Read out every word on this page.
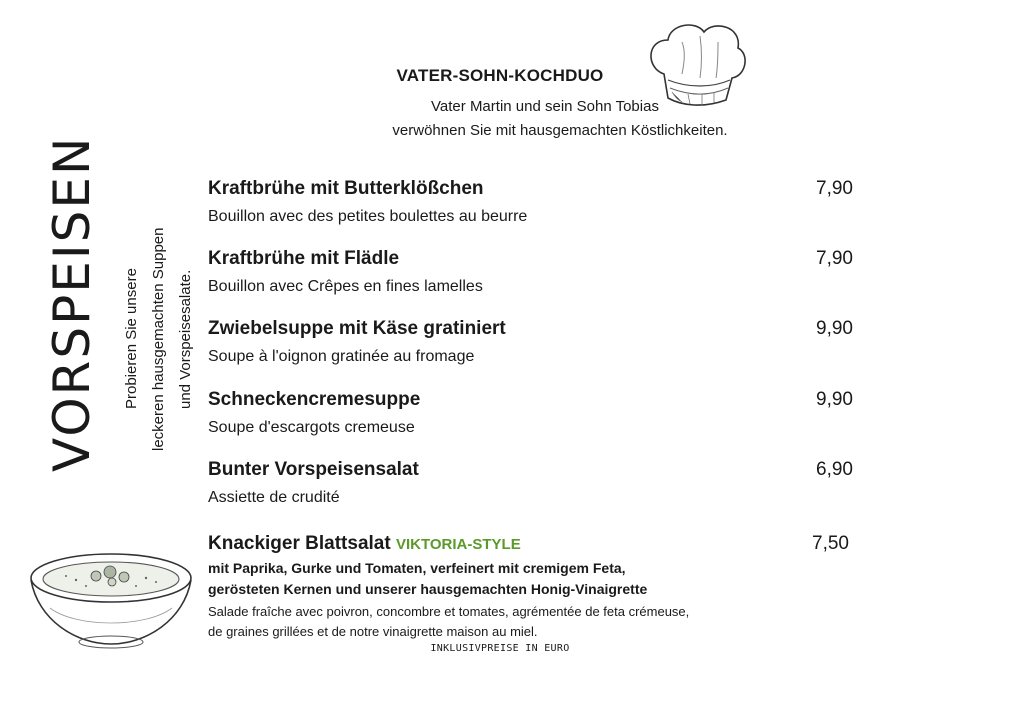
VATER-SOHN-KOCHDUO
Vater Martin und sein Sohn Tobias
verwöhnen Sie mit hausgemachten Köstlichkeiten.
VORSPEISEN	Probieren Sie unsere leckeren hausgemachten Suppen und Vorspeisesalate.
Kraftbrühe mit Butterklößchen
Bouillon avec des petites boulettes au beurre
7,90
Kraftbrühe mit Flädle
Bouillon avec Crêpes en fines lamelles
7,90
Zwiebelsuppe mit Käse gratiniert
Soupe à l'oignon gratinée au fromage
9,90
Schneckencremesuppe
Soupe d'escargots cremeuse
9,90
Bunter Vorspeisensalat
Assiette de crudité
6,90
Knackiger Blattsalat VIKTORIA-STYLE	7,50
mit Paprika, Gurke und Tomaten, verfeinert mit cremigem Feta,
gerösteten Kernen und unserer hausgemachten Honig-Vinaigrette
Salade fraîche avec poivron, concombre et tomates, agrémentée de feta crémeuse,
de graines grillées et de notre vinaigrette maison au miel.
INKLUSIVPREISE IN EURO
